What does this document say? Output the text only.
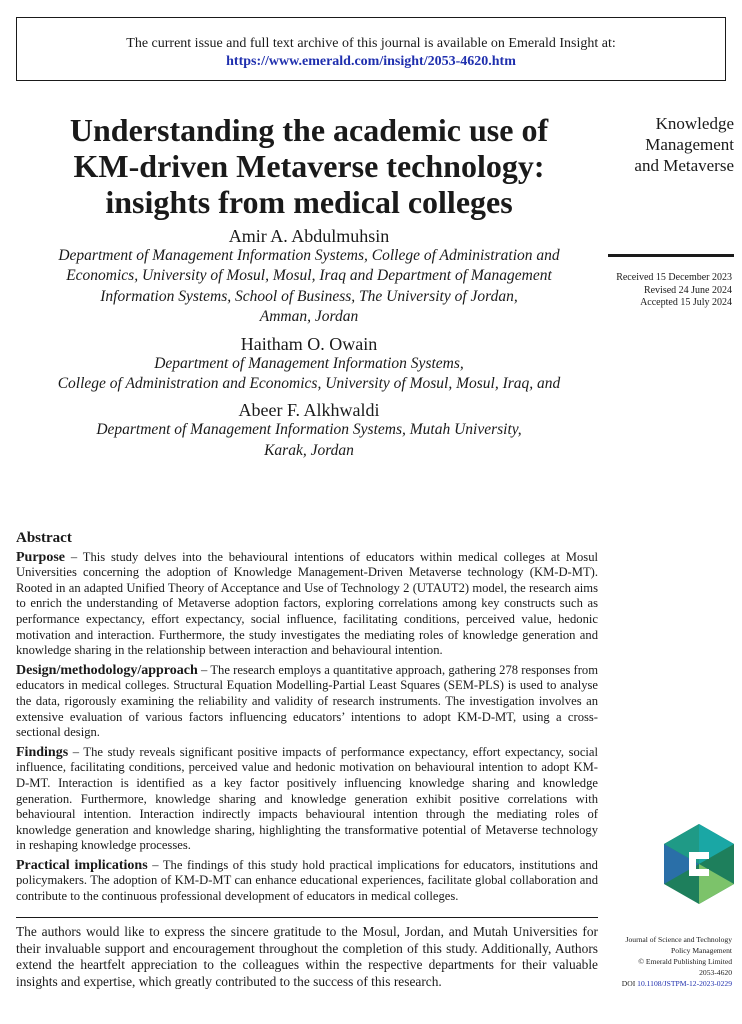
The current issue and full text archive of this journal is available on Emerald Insight at:
https://www.emerald.com/insight/2053-4620.htm
Understanding the academic use of
KM-driven Metaverse technology:
insights from medical colleges
Amir A. Abdulmuhsin
Department of Management Information Systems, College of Administration and
Economics, University of Mosul, Mosul, Iraq and Department of Management
Information Systems, School of Business, The University of Jordan,
Amman, Jordan
Haitham O. Owain
Department of Management Information Systems,
College of Administration and Economics, University of Mosul, Mosul, Iraq, and
Abeer F. Alkhwaldi
Department of Management Information Systems, Mutah University,
Karak, Jordan
Knowledge
Management
and Metaverse
Received 15 December 2023
Revised 24 June 2024
Accepted 15 July 2024
Abstract

Purpose – This study delves into the behavioural intentions of educators within medical colleges at Mosul Universities concerning the adoption of Knowledge Management-Driven Metaverse technology (KM-D-MT). Rooted in an adapted Unified Theory of Acceptance and Use of Technology 2 (UTAUT2) model, the research aims to enrich the understanding of Metaverse adoption factors, exploring correlations among key constructs such as performance expectancy, effort expectancy, social influence, facilitating conditions, perceived value, hedonic motivation and interaction. Furthermore, the study investigates the mediating roles of knowledge generation and knowledge sharing in the relationship between interaction and behavioural intention.

Design/methodology/approach – The research employs a quantitative approach, gathering 278 responses from educators in medical colleges. Structural Equation Modelling-Partial Least Squares (SEM-PLS) is used to analyse the data, rigorously examining the reliability and validity of research instruments. The investigation involves an extensive evaluation of various factors influencing educators’ intentions to adopt KM-D-MT, using a cross-sectional design.

Findings – The study reveals significant positive impacts of performance expectancy, effort expectancy, social influence, facilitating conditions, perceived value and hedonic motivation on behavioural intention to adopt KM-D-MT. Interaction is identified as a key factor positively influencing knowledge sharing and knowledge generation. Furthermore, knowledge sharing and knowledge generation exhibit positive correlations with behavioural intention. Interaction indirectly impacts behavioural intention through the mediating roles of knowledge generation and knowledge sharing, highlighting the transformative potential of Metaverse technology in reshaping knowledge processes.

Practical implications – The findings of this study hold practical implications for educators, institutions and policymakers. The adoption of KM-D-MT can enhance educational experiences, facilitate global collaboration and contribute to the continuous professional development of educators in medical colleges.

The authors would like to express the sincere gratitude to the Mosul, Jordan, and Mutah Universities for their invaluable support and encouragement throughout the completion of this study. Additionally, Authors extend the heartfelt appreciation to the colleagues within the respective departments for their valuable insights and expertise, which greatly contributed to the success of this research.

Journal of Science and Technology
Policy Management
© Emerald Publishing Limited
2053-4620
DOI 10.1108/JSTPM-12-2023-0229
